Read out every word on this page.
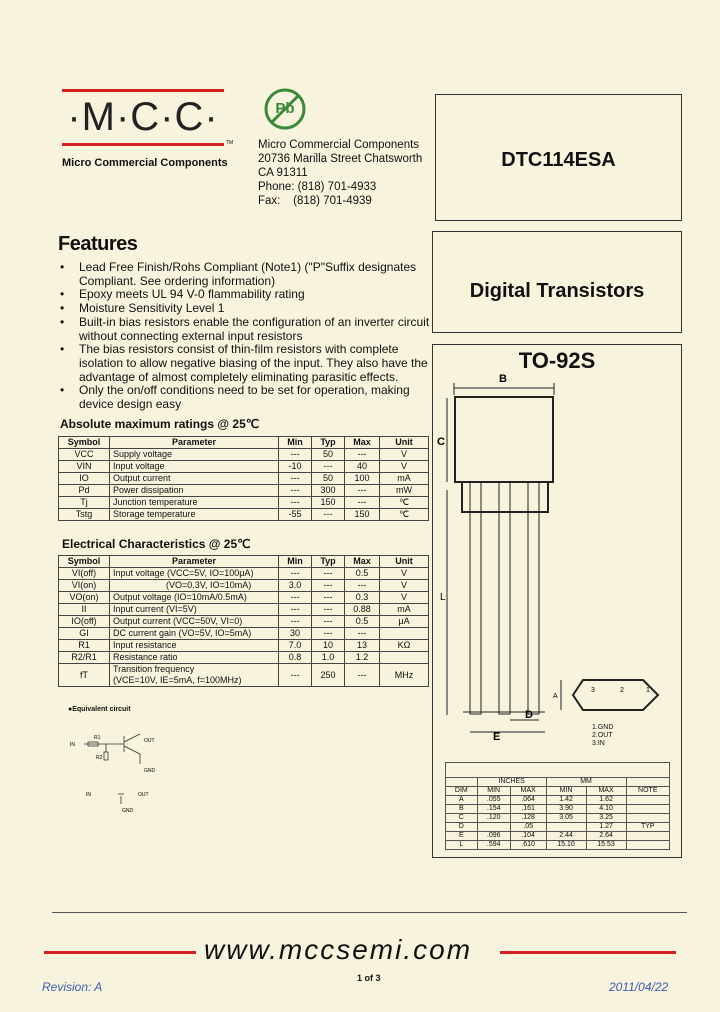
·M·C·C·
TM
Micro Commercial Components
Pb
Micro Commercial Components
20736 Marilla Street Chatsworth
CA 91311
Phone: (818) 701-4933
Fax:    (818) 701-4939
DTC114ESA
Digital Transistors
TO-92S
B
C
L
D
E
A
3	2	1
1.GND
2.OUT
3.IN

	INCHES		MM		
DIM	MIN	MAX	MIN	MAX	NOTE
A	.055	.064	1.42	1.62	
B	.154	.161	3.90	4.10	
C	.120	.128	3.05	3.25	
D		.05		1.27	TYP
E	.096	.104	2.44	2.64	
L	.594	.610	15.10	15.53	
Features
• Lead Free Finish/Rohs Compliant (Note1) ("P"Suffix designates
Compliant. See ordering information)
• Epoxy meets UL 94 V-0 flammability rating
• Moisture Sensitivity Level 1
• Built-in bias resistors enable the configuration of an inverter circuit
without connecting external input resistors
• The bias resistors consist of thin-film resistors with complete
isolation to allow negative biasing of the input. They also have the
advantage of almost completely eliminating parasitic effects.
• Only the on/off conditions need to be set for operation, making
device design easy
Absolute maximum ratings @ 25℃
Symbol	Parameter	Min	Typ	Max	Unit
VCC	Supply voltage	---	50	---	V
VIN	Input voltage	-10	---	40	V
IO	Output current	---	50	100	mA
Pd	Power dissipation	---	300	---	mW
Tj	Junction temperature	---	150	---	℃
Tstg	Storage temperature	-55	---	150	℃
Electrical Characteristics @ 25℃
Symbol	Parameter	Min	Typ	Max	Unit
VI(off)	Input voltage (VCC=5V, IO=100μA)	---	---	0.5	V
VI(on)	(VO=0.3V, IO=10mA)	3.0	---	---	V
VO(on)	Output voltage (IO=10mA/0.5mA)	---	---	0.3	V
II	Input current (VI=5V)	---	---	0.88	mA
IO(off)	Output current (VCC=50V, VI=0)	---	---	0.5	μA
GI	DC current gain (VO=5V, IO=5mA)	30	---	---	
R1	Input resistance	7.0	10	13	KΩ
R2/R1	Resistance ratio	0.8	1.0	1.2	
fT	Transition frequency
(VCE=10V, IE=5mA, f=100MHz)	---	250	---	MHz
●Equivalent circuit
IN
R1
R2
OUT
GND
IN
GND
OUT
www.mccsemi.com
1 of 3
Revision: A	2011/04/22
